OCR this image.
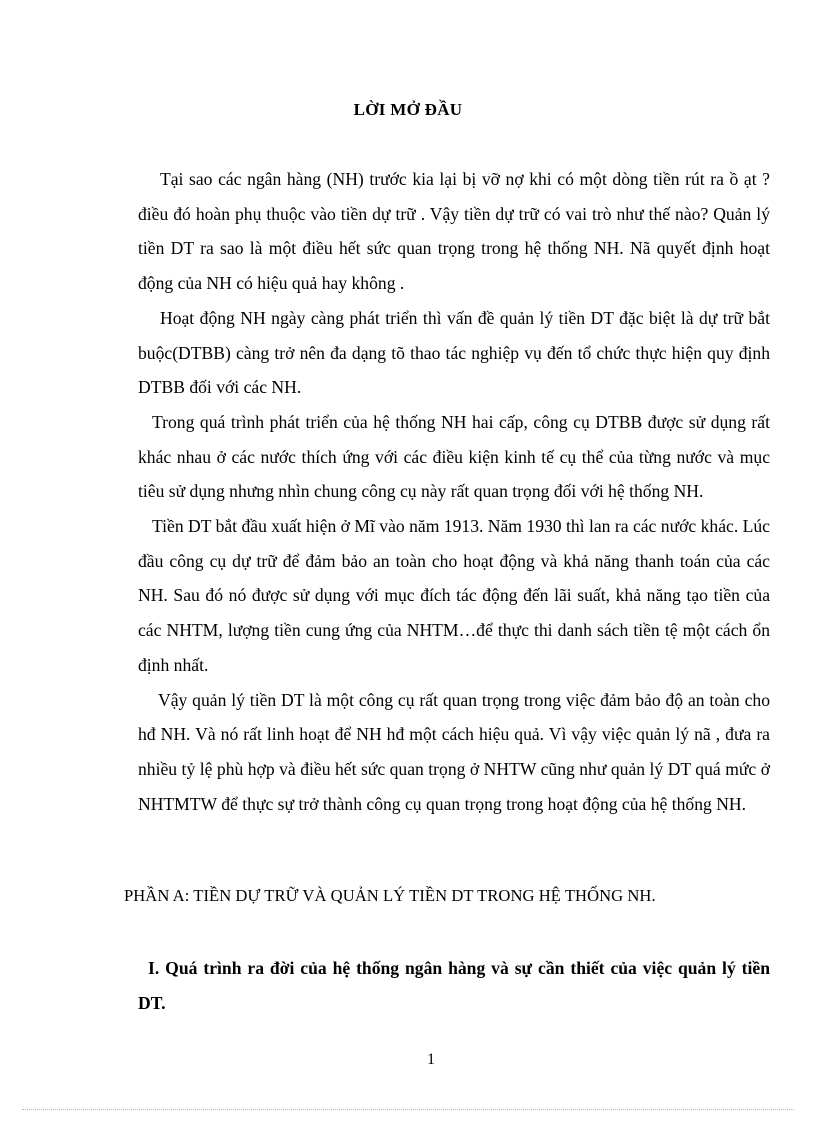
LỜI MỞ ĐẦU

Tại sao các ngân hàng (NH) trước kia lại bị vỡ nợ khi có một dòng tiền rút ra ồ ạt ? điều đó hoàn phụ thuộc vào tiền dự trữ . Vậy tiền dự trữ có vai trò như thế nào? Quản lý tiền DT ra sao là một điều hết sức quan trọng trong hệ thống NH. Nã quyết định hoạt động của NH có hiệu quả hay không .

Hoạt động NH ngày càng phát triển thì vấn đề quản lý tiền DT đặc biệt là dự trữ bắt buộc(DTBB) càng trở nên đa dạng tõ thao tác nghiệp vụ đến tổ chức thực hiện quy định DTBB đối với các NH.

Trong quá trình phát triển của hệ thống NH hai cấp, công cụ DTBB được sử dụng rất khác nhau ở các nước thích ứng với các điều kiện kinh tế cụ thể của từng nước và mục tiêu sử dụng nhưng nhìn chung công cụ này rất quan trọng đối với hệ thống NH.

Tiền DT bắt đầu xuất hiện ở Mĩ vào năm 1913. Năm 1930 thì lan ra các nước khác. Lúc đầu công cụ dự trữ để đảm bảo an toàn cho hoạt động và khả năng thanh toán của các NH. Sau đó nó được sử dụng với mục đích tác động đến lãi suất, khả năng tạo tiền của các NHTM, lượng tiền cung ứng của NHTM…để thực thi danh sách tiền tệ một cách ổn định nhất.

Vậy quản lý tiền DT là một công cụ rất quan trọng trong việc đảm bảo độ an toàn cho hđ NH. Và nó rất linh hoạt để NH hđ một cách hiệu quả. Vì vậy việc quản lý nã , đưa ra nhiều tỷ lệ phù hợp và điều hết sức quan trọng ở NHTW cũng như quản lý DT quá mức ở NHTMTW để thực sự trở thành công cụ quan trọng trong hoạt động của hệ thống NH.

PHẦN A: TIỀN DỰ TRỮ VÀ QUẢN LÝ TIỀN DT TRONG HỆ THỐNG NH.

I. Quá trình ra đời của hệ thống ngân hàng và sự cần thiết của việc quản lý tiền DT.

1
